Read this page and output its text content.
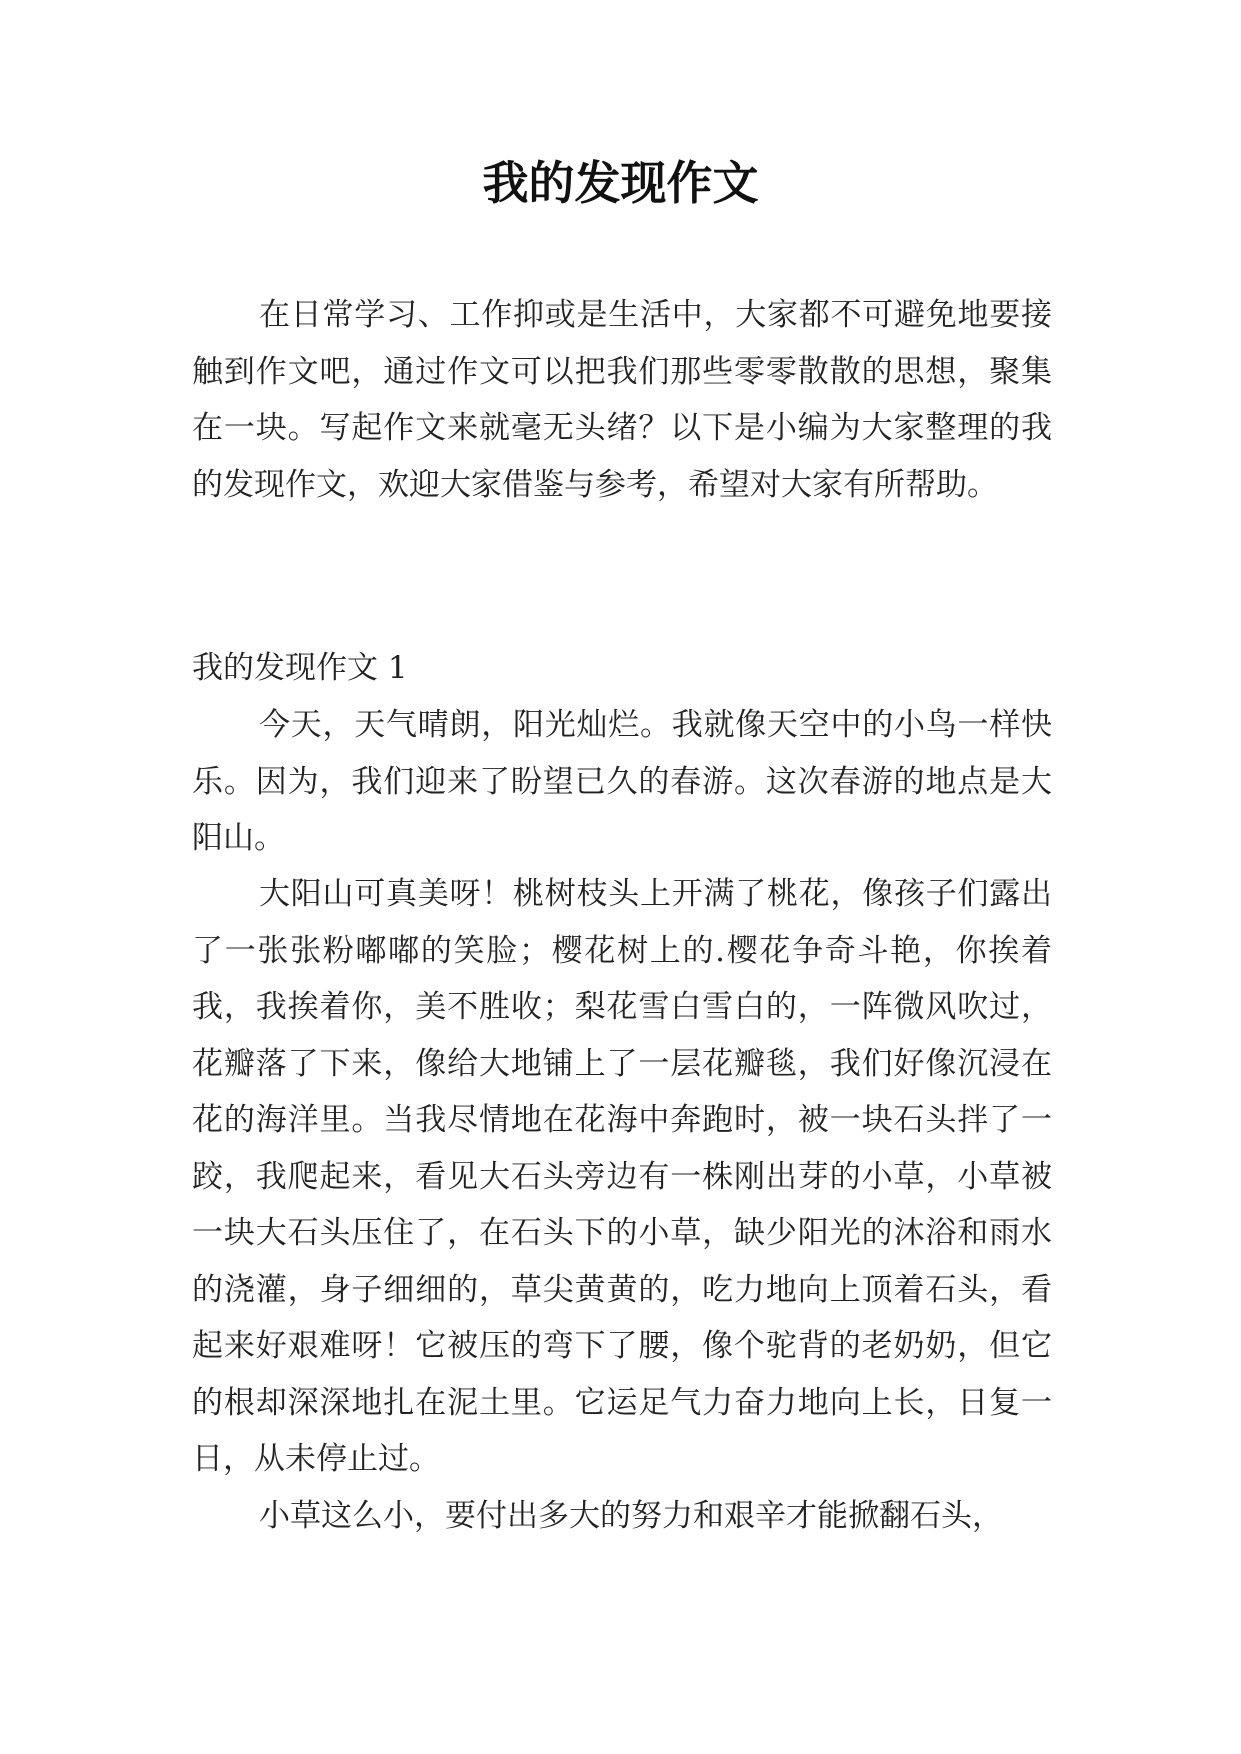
我的发现作文

在日常学习、工作抑或是生活中，大家都不可避免地要接触到作文吧，通过作文可以把我们那些零零散散的思想，聚集在一块。写起作文来就毫无头绪？以下是小编为大家整理的我的发现作文，欢迎大家借鉴与参考，希望对大家有所帮助。

我的发现作文 1

今天，天气晴朗，阳光灿烂。我就像天空中的小鸟一样快乐。因为，我们迎来了盼望已久的春游。这次春游的地点是大阳山。

大阳山可真美呀！桃树枝头上开满了桃花，像孩子们露出了一张张粉嘟嘟的笑脸；樱花树上的.樱花争奇斗艳，你挨着我，我挨着你，美不胜收；梨花雪白雪白的，一阵微风吹过，花瓣落了下来，像给大地铺上了一层花瓣毯，我们好像沉浸在花的海洋里。当我尽情地在花海中奔跑时，被一块石头拌了一跤，我爬起来，看见大石头旁边有一株刚出芽的小草，小草被一块大石头压住了，在石头下的小草，缺少阳光的沐浴和雨水的浇灌，身子细细的，草尖黄黄的，吃力地向上顶着石头，看起来好艰难呀！它被压的弯下了腰，像个驼背的老奶奶，但它的根却深深地扎在泥土里。它运足气力奋力地向上长，日复一日，从未停止过。

小草这么小，要付出多大的努力和艰辛才能掀翻石头，
